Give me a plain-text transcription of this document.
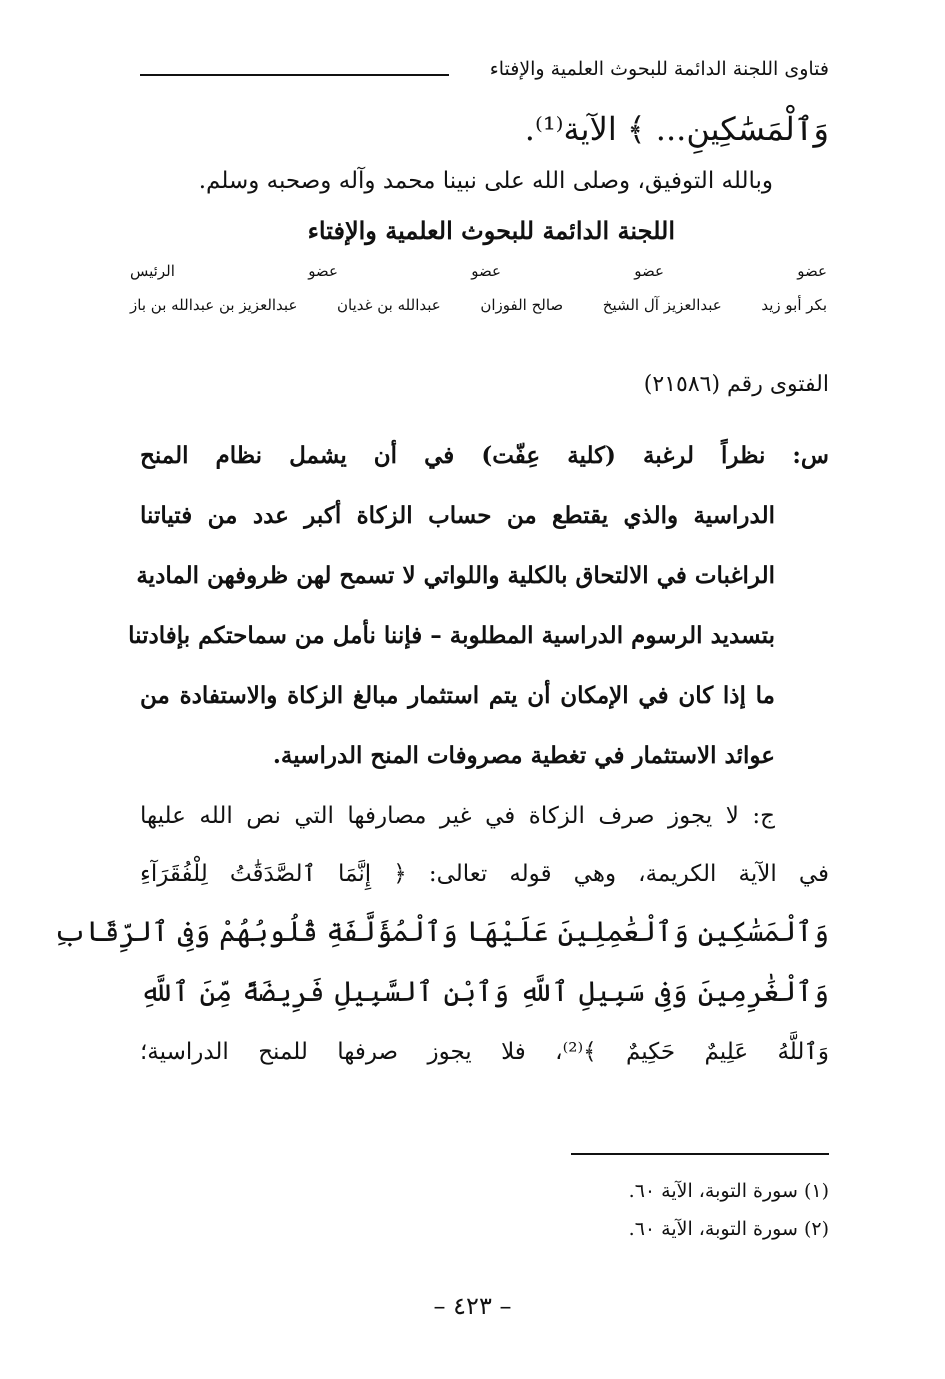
فتاوى اللجنة الدائمة للبحوث العلمية والإفتاء
وَٱلْمَسَٰكِينِ... ﴾ الآية⁽¹⁾.
وبالله التوفيق، وصلى الله على نبينا محمد وآله وصحبه وسلم.
اللجنة الدائمة للبحوث العلمية والإفتاء
عضو
عضو
عضو
عضو
الرئيس
بكر أبو زيد
عبدالعزيز آل الشيخ
صالح الفوزان
عبدالله بن غديان
عبدالعزيز بن عبدالله بن باز
الفتوى رقم (٢١٥٨٦)
س: نظراً لرغبة (كلية عِفّت) في أن يشمل نظام المنح
الدراسية والذي يقتطع من حساب الزكاة أكبر عدد من فتياتنا
الراغبات في الالتحاق بالكلية واللواتي لا تسمح لهن ظروفهن المادية
بتسديد الرسوم الدراسية المطلوبة – فإننا نأمل من سماحتكم بإفادتنا
ما إذا كان في الإمكان أن يتم استثمار مبالغ الزكاة والاستفادة من
عوائد الاستثمار في تغطية مصروفات المنح الدراسية.
ج: لا يجوز صرف الزكاة في غير مصارفها التي نص الله عليها
في الآية الكريمة، وهي قوله تعالى: ﴿ إِنَّمَا ٱلصَّدَقَٰتُ لِلْفُقَرَآءِ
وَٱلْمَسَٰكِينِ وَٱلْعَٰمِلِينَ عَلَيْهَا وَٱلْمُؤَلَّفَةِ قُلُوبُهُمْ وَفِى ٱلرِّقَابِ
وَٱلْغَٰرِمِينَ وَفِى سَبِيلِ ٱللَّهِ وَٱبْنِ ٱلسَّبِيلِ فَرِيضَةً مِّنَ ٱللَّهِ
وَٱللَّهُ عَلِيمٌ حَكِيمٌ ﴾⁽²⁾، فلا يجوز صرفها للمنح الدراسية؛
(١) سورة التوبة، الآية ٦٠.
(٢) سورة التوبة، الآية ٦٠.
– ٤٢٣ –
